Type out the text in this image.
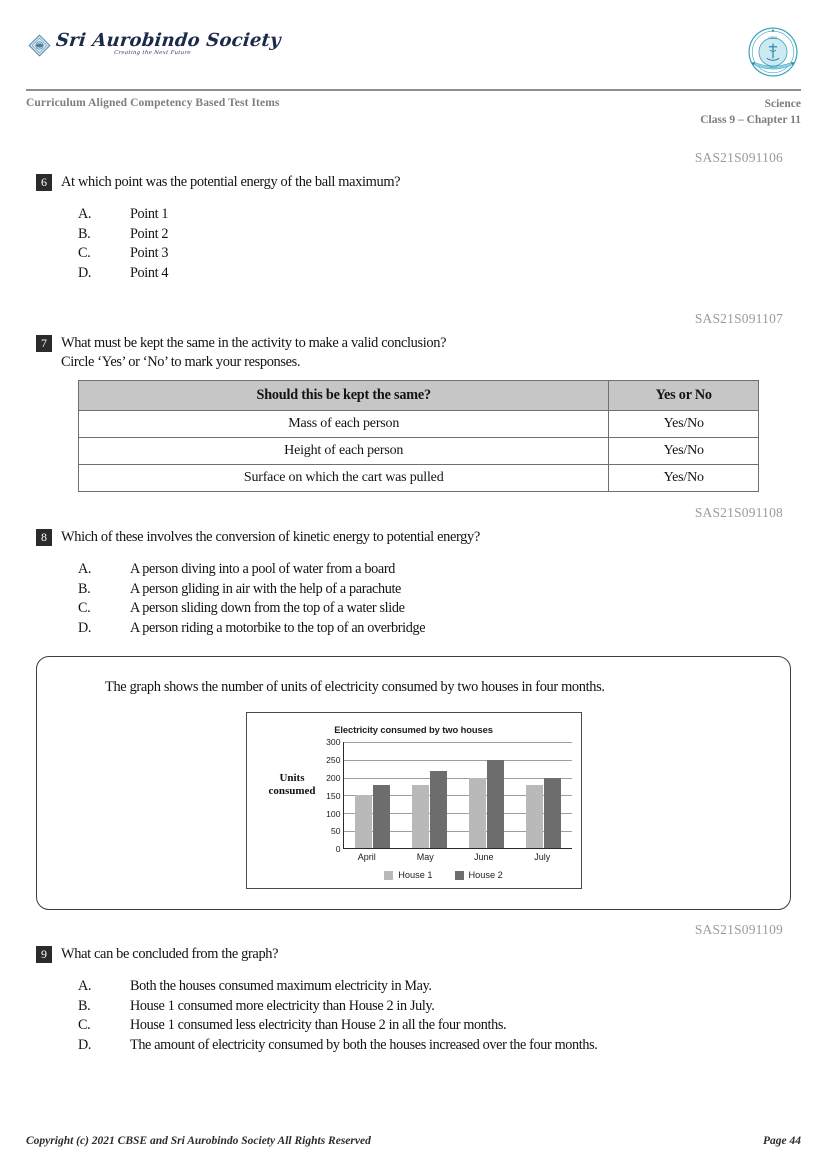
Sri Aurobindo Society
Creating the Next Future
CBSE
INDIA
Curriculum Aligned Competency Based Test Items	Science
Class 9 – Chapter 11
SAS21S091106
6 At which point was the potential energy of the ball maximum?
A.	Point 1
B.	Point 2
C.	Point 3
D.	Point 4
SAS21S091107
7 What must be kept the same in the activity to make a valid conclusion?
Circle ‘Yes’ or ‘No’ to mark your responses.
Should this be kept the same?	Yes or No
Mass of each person	Yes/No
Height of each person	Yes/No
Surface on which the cart was pulled	Yes/No
SAS21S091108
8 Which of these involves the conversion of kinetic energy to potential energy?
A.	A person diving into a pool of water from a board
B.	A person gliding in air with the help of a parachute
C.	A person sliding down from the top of a water slide
D.	A person riding a motorbike to the top of an overbridge
The graph shows the number of units of electricity consumed by two houses in four months.
Electricity consumed by two houses
Units
consumed
300
250
200
150
100
50
0
April	May	June	July
House 1	House 2
SAS21S091109
9 What can be concluded from the graph?
A.	Both the houses consumed maximum electricity in May.
B.	House 1 consumed more electricity than House 2 in July.
C.	House 1 consumed less electricity than House 2 in all the four months.
D.	The amount of electricity consumed by both the houses increased over the four months.
Copyright (c) 2021 CBSE and Sri Aurobindo Society All Rights Reserved	Page 44
